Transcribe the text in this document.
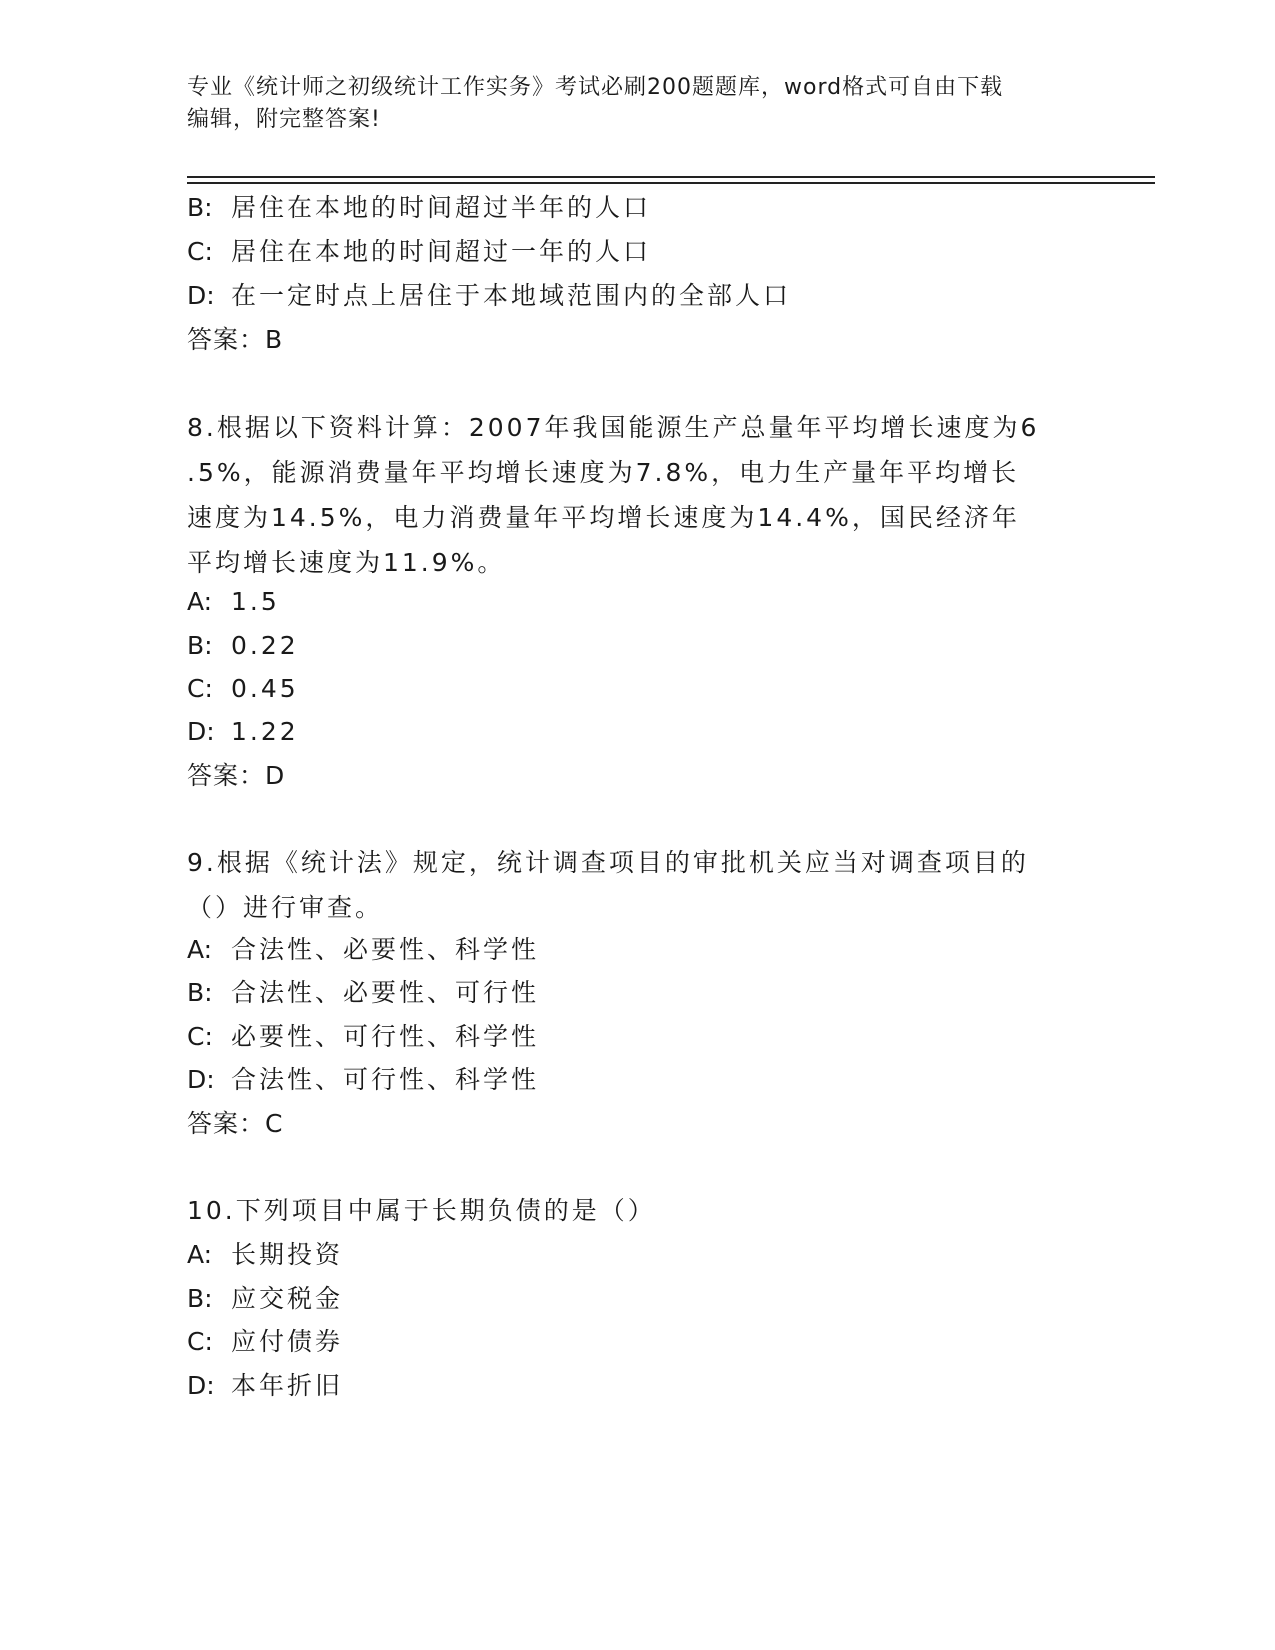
专业《统计师之初级统计工作实务》考试必刷200题题库，word格式可自由下载
编辑，附完整答案!
B: 居住在本地的时间超过半年的人口
C: 居住在本地的时间超过一年的人口
D: 在一定时点上居住于本地域范围内的全部人口
答案：B
8.根据以下资料计算：2007年我国能源生产总量年平均增长速度为6
.5%，能源消费量年平均增长速度为7.8%，电力生产量年平均增长
速度为14.5%，电力消费量年平均增长速度为14.4%，国民经济年
平均增长速度为11.9%。
A: 1.5
B: 0.22
C: 0.45
D: 1.22
答案：D
9.根据《统计法》规定，统计调查项目的审批机关应当对调查项目的
（）进行审查。
A: 合法性、必要性、科学性
B: 合法性、必要性、可行性
C: 必要性、可行性、科学性
D: 合法性、可行性、科学性
答案：C
10.下列项目中属于长期负债的是（）
A: 长期投资
B: 应交税金
C: 应付债券
D: 本年折旧
